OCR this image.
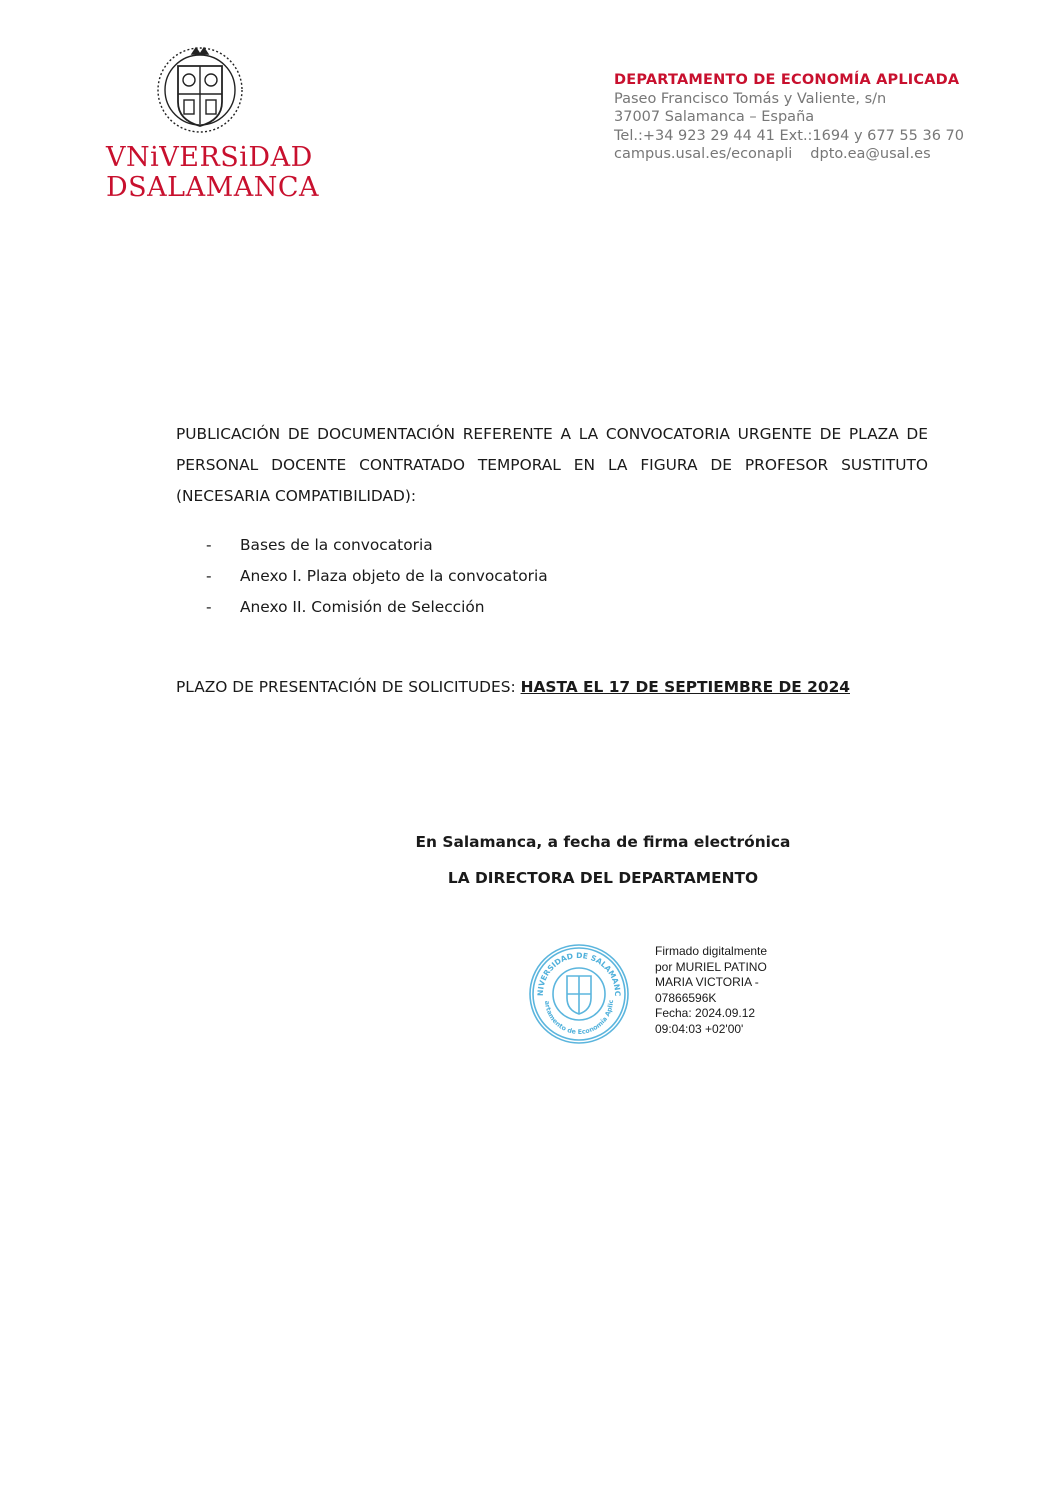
VNiVERSiDAD
DSALAMANCA
DEPARTAMENTO DE ECONOMÍA APLICADA
Paseo Francisco Tomás y Valiente, s/n
37007 Salamanca – España
Tel.:+34 923 29 44 41 Ext.:1694 y 677 55 36 70
campus.usal.es/econapli dpto.ea@usal.es
PUBLICACIÓN DE DOCUMENTACIÓN REFERENTE A LA CONVOCATORIA URGENTE DE PLAZA DE PERSONAL DOCENTE CONTRATADO TEMPORAL EN LA FIGURA DE PROFESOR SUSTITUTO (NECESARIA COMPATIBILIDAD):
- Bases de la convocatoria
- Anexo I. Plaza objeto de la convocatoria
- Anexo II. Comisión de Selección
PLAZO DE PRESENTACIÓN DE SOLICITUDES: HASTA EL 17 DE SEPTIEMBRE DE 2024
En Salamanca, a fecha de firma electrónica
LA DIRECTORA DEL DEPARTAMENTO
NIVERSIDAD DE SALAMANC
artamento de Economía Aplic
Firmado digitalmente
por MURIEL PATINO
MARIA VICTORIA -
07866596K
Fecha: 2024.09.12
09:04:03 +02'00'
